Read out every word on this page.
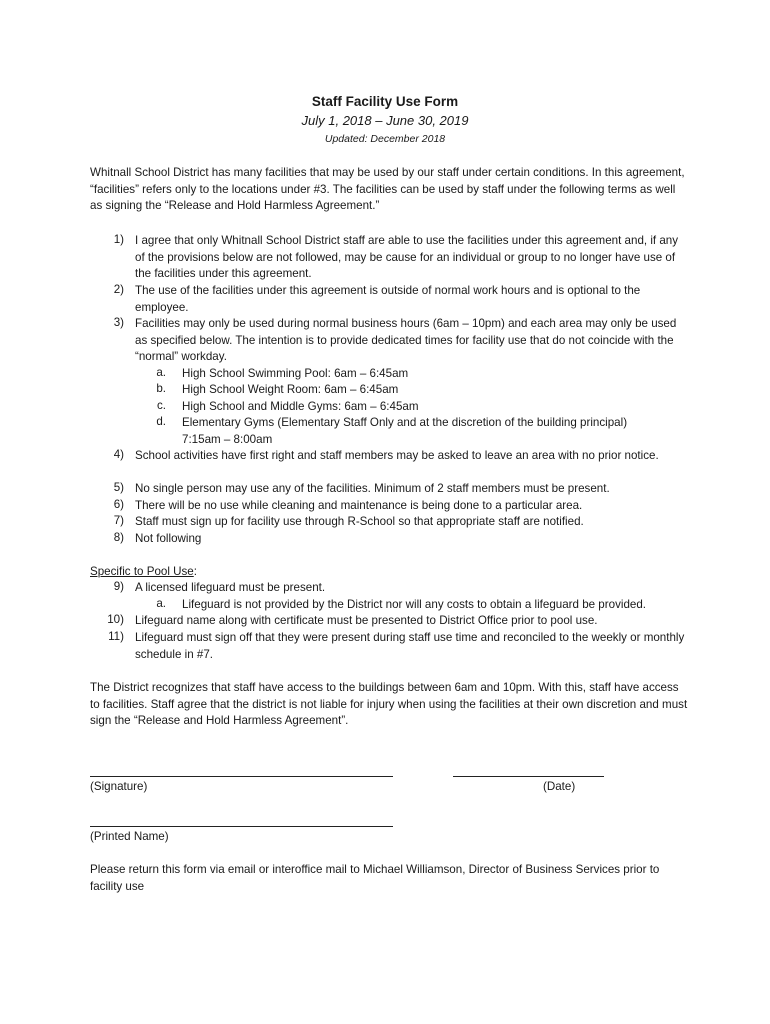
Staff Facility Use Form
July 1, 2018 – June 30, 2019
Updated: December 2018
Whitnall School District has many facilities that may be used by our staff under certain conditions. In this agreement, “facilities” refers only to the locations under #3. The facilities can be used by staff under the following terms as well as signing the “Release and Hold Harmless Agreement.”
1) I agree that only Whitnall School District staff are able to use the facilities under this agreement and, if any of the provisions below are not followed, may be cause for an individual or group to no longer have use of the facilities under this agreement.
2) The use of the facilities under this agreement is outside of normal work hours and is optional to the employee.
3) Facilities may only be used during normal business hours (6am – 10pm) and each area may only be used as specified below. The intention is to provide dedicated times for facility use that do not coincide with the “normal” workday.
a. High School Swimming Pool: 6am – 6:45am
b. High School Weight Room: 6am – 6:45am
c. High School and Middle Gyms: 6am – 6:45am
d. Elementary Gyms (Elementary Staff Only and at the discretion of the building principal) 7:15am – 8:00am
4) School activities have first right and staff members may be asked to leave an area with no prior notice.
5) No single person may use any of the facilities. Minimum of 2 staff members must be present.
6) There will be no use while cleaning and maintenance is being done to a particular area.
7) Staff must sign up for facility use through R-School so that appropriate staff are notified.
8) Not following
Specific to Pool Use:
9) A licensed lifeguard must be present.
a. Lifeguard is not provided by the District nor will any costs to obtain a lifeguard be provided.
10) Lifeguard name along with certificate must be presented to District Office prior to pool use.
11) Lifeguard must sign off that they were present during staff use time and reconciled to the weekly or monthly schedule in #7.
The District recognizes that staff have access to the buildings between 6am and 10pm. With this, staff have access to facilities. Staff agree that the district is not liable for injury when using the facilities at their own discretion and must sign the “Release and Hold Harmless Agreement”.
(Signature)	(Date)
(Printed Name)
Please return this form via email or interoffice mail to Michael Williamson, Director of Business Services prior to facility use
